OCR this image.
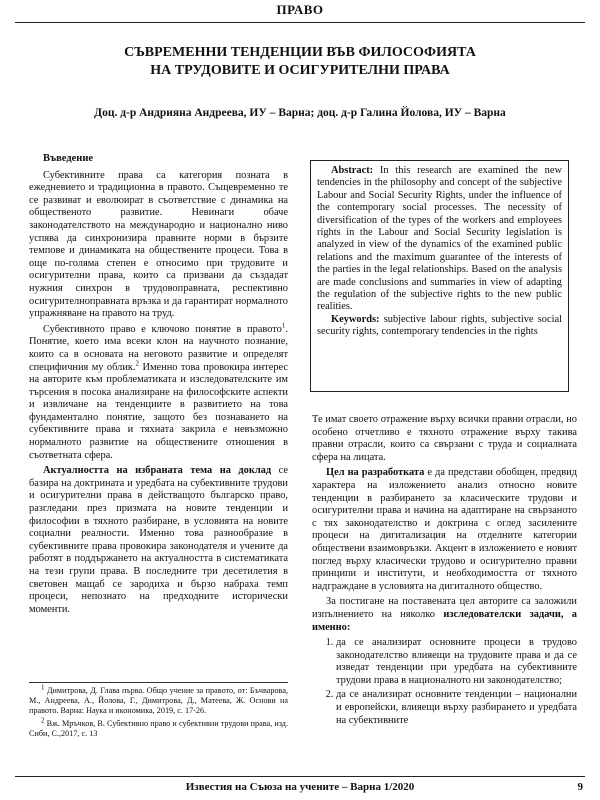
ПРАВО
СЪВРЕМЕННИ ТЕНДЕНЦИИ ВЪВ ФИЛОСОФИЯТА
НА ТРУДОВИТЕ И ОСИГУРИТЕЛНИ ПРАВА
Доц. д-р Андрияна Андреева, ИУ – Варна; доц. д-р Галина Йолова, ИУ – Варна
Въведение

Субективните права са категория позната в ежедневието и традиционна в правото. Същевременно те се развиват и еволюират в съответствие с динамика на общественото развитие. Невинаги обаче законодателството на международно и национално ниво успява да синхронизира правните норми в бързите темпове и динамиката на обществените процеси. Това в още по-голяма степен е относимо при трудовите и осигурителни права, които са призвани да създадат нужния синхрон в трудовоправната, респективно осигурителноправната връзка и да гарантират нормалното упражняване на правото на труд.

Субективното право е ключово понятие в правото$^1$. Понятие, което има всеки клон на научното познание, които са в основата на неговото развитие и определят специфичния му облик.$^2$ Именно това провокира интерес на авторите към проблематиката и изследователските им търсения в посока анализиране на философските аспекти и извличане на тенденциите в развитието на това фундаментално понятие, защото без познаването на субективните права и тяхната закрила е невъзможно нормалното развитие на обществените отношения в съответната сфера.

Актуалността на избраната тема на доклад се базира на доктрината и уредбата на субективните трудови и осигурителни права в действащото българско право, разгледани през призмата на новите тенденции и философии в тяхното разбиране, в условията на новите социални реалности. Именно това разнообразие в субективните права провокира законодателя и учените да работят в поддържането на актуалността в систематиката на тези групи права. В последните три десетилетия в световен мащаб се зародиха и бързо набраха темп процеси, непознато на предходните исторически моменти.

Abstract: In this research are examined the new tendencies in the philosophy and concept of the subjective Labour and Social Security Rights, under the influence of the contemporary social processes. The necessity of diversification of the types of the workers and employees rights in the Labour and Social Security legislation is analyzed in view of the dynamics of the examined public relations and the maximum guarantee of the interests of the parties in the legal relationships. Based on the analysis are made conclusions and summaries in view of adapting the regulation of the subjective rights to the new public realities.

Keywords: subjective labour rights, subjective social security rights, contemporary tendencies in the rights

Те имат своето отражение върху всички правни отрасли, но особено отчетливо е тяхното отражение върху такива правни отрасли, които са свързани с труда и социалната сфера на лицата.

Цел на разработката е да представи обобщен, предвид характера на изложението анализ относно новите тенденции в разбирането за класическите трудови и осигурителни права и начина на адаптиране на свързаното с тях законодателство и доктрина с оглед засилените процеси на дигитализация на отделните категории обществени взаимовръзки. Акцент в изложението е новият поглед върху класически трудово и осигурително правни принципи и институти, и необходимостта от тяхното надграждане в условията на дигиталното общество.

За постигане на поставената цел авторите са заложили изпълнението на няколко изследователски задачи, а именно:

1. да се анализират основните процеси в трудово законодателство влияещи на трудовите права и да се изведат тенденции при уредбата на субективните трудови права в националното ни законодателство;
2. да се анализират основните тенденции – национални и европейски, влияещи върху разбирането и уредбата на субективните

$^1$ Димитрова, Д. Глава първа. Общо учение за правото, от: Бъчварова, М., Андреева, А., Йолова, Г., Димитрова, Д., Матеева, Ж. Основи на правото. Варна: Наука и икономика, 2019, с. 17-26.

$^2$ Вж. Мръчков, В. Субективно право и субективни трудови права, изд. Сиби, С.,2017, с. 13

Известия на Съюза на учените – Варна 1/2020	9
